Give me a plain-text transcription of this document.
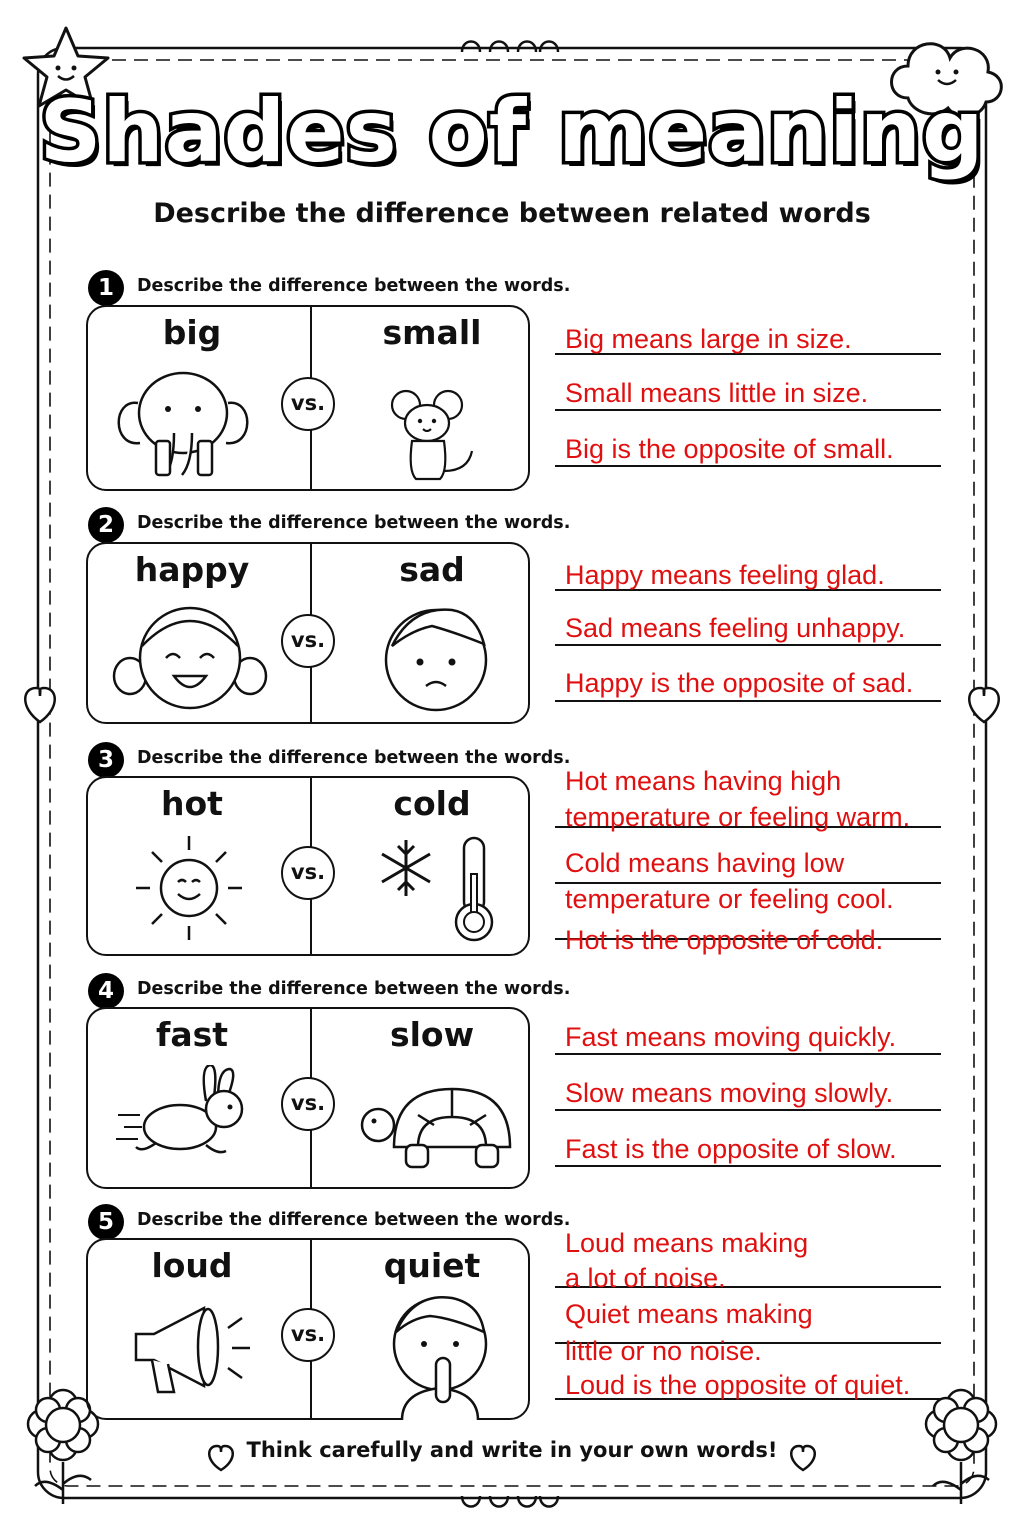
Shades of meaning
Describe the difference between related words
1	Describe the difference between the words.
big	small
vs.
Big means large in size.
Small means little in size.
Big is the opposite of small.
2	Describe the difference between the words.
happy	sad
vs.
Happy means feeling glad.
Sad means feeling unhappy.
Happy is the opposite of sad.
3	Describe the difference between the words.
hot	cold
vs.
Hot means having high
temperature or feeling warm.
Cold means having low
temperature or feeling cool.
Hot is the opposite of cold.
4	Describe the difference between the words.
fast	slow
vs.
Fast means moving quickly.
Slow means moving slowly.
Fast is the opposite of slow.
5	Describe the difference between the words.
loud	quiet
vs.
Loud means making
a lot of noise.
Quiet means making
little or no noise.
Loud is the opposite of quiet.
Think carefully and write in your own words!
